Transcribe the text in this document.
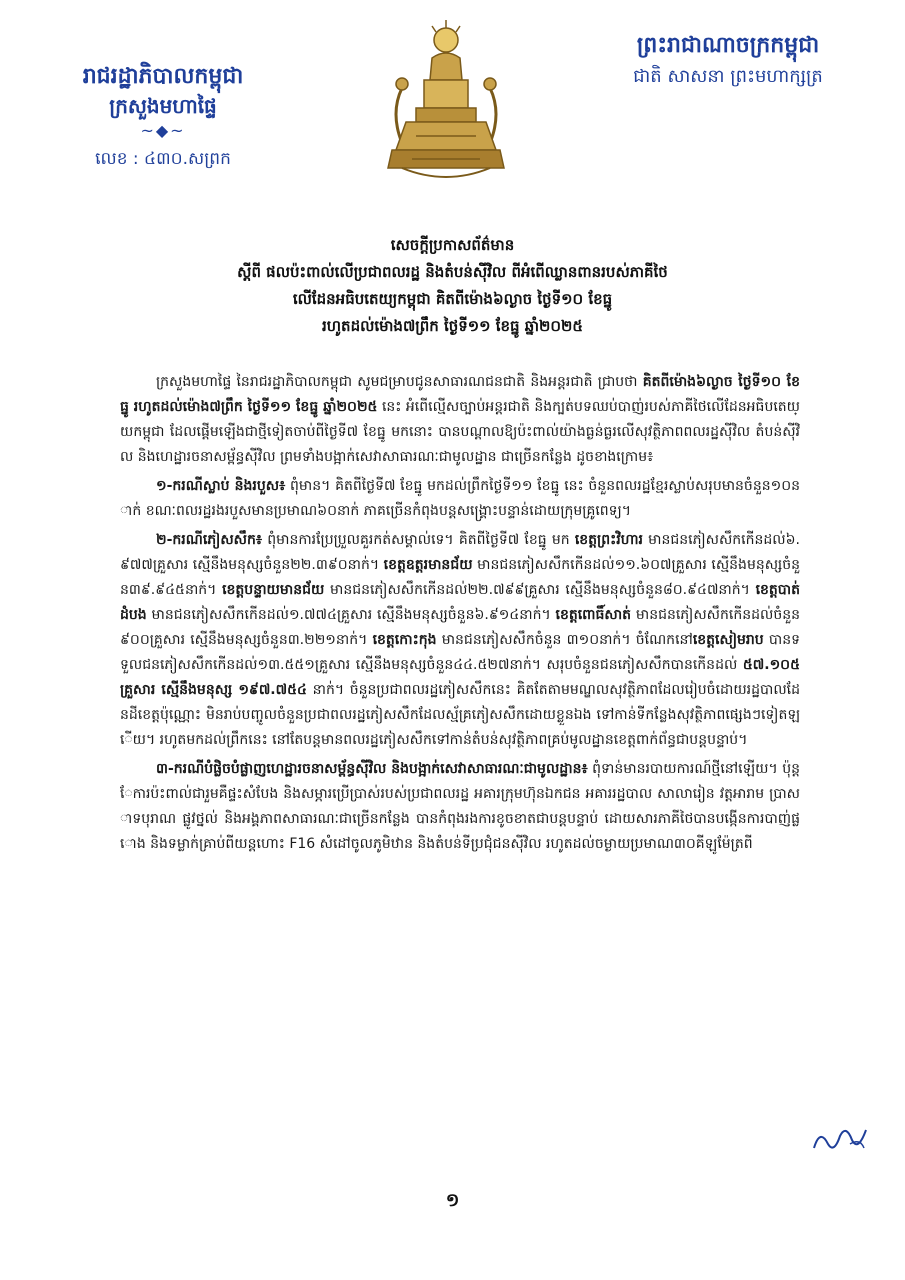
រាជរដ្ឋាភិបាលកម្ពុជា
ក្រសួងមហាផ្ទៃ
~◆~
លេខ : ៤៣០.សព្រក
ព្រះរាជាណាចក្រកម្ពុជា
ជាតិ សាសនា ព្រះមហាក្សត្រ
សេចក្តីប្រកាសព័ត៌មាន
ស្តីពី ផលប៉ះពាល់លើប្រជាពលរដ្ឋ និងតំបន់ស៊ីវិល ពីអំពើឈ្លានពានរបស់ភាគីថៃ
លើដែនអធិបតេយ្យកម្ពុជា គិតពីម៉ោង៦ល្ងាច ថ្ងៃទី១០ ខែធ្នូ
រហូតដល់ម៉ោង៧ព្រឹក ថ្ងៃទី១១ ខែធ្នូ ឆ្នាំ២០២៥

ក្រសួងមហាផ្ទៃ នៃរាជរដ្ឋាភិបាលកម្ពុជា សូមជម្រាបជូនសាធារណជនជាតិ និងអន្តរជាតិ ជ្រាបថា គិតពីម៉ោង៦ល្ងាច ថ្ងៃទី១០ ខែធ្នូ រហូតដល់ម៉ោង៧ព្រឹក ថ្ងៃទី១១ ខែធ្នូ ឆ្នាំ២០២៥ នេះ អំពើល្មើសច្បាប់អន្តរជាតិ និងក្បត់បទឈប់បាញ់របស់ភាគីថៃលើដែនអធិបតេយ្យកម្ពុជា ដែលផ្តើមឡើងជាថ្មីទៀតចាប់ពីថ្ងៃទី៧ ខែធ្នូ មកនោះ បានបណ្តាលឱ្យប៉ះពាល់យ៉ាងធ្ងន់ធ្ងរលើសុវត្ថិភាពពលរដ្ឋស៊ីវិល តំបន់ស៊ីវិល និងហេដ្ឋារចនាសម្ព័ន្ធស៊ីវិល ព្រមទាំងបង្អាក់សេវាសាធារណៈជាមូលដ្ឋាន ជាច្រើនកន្លែង ដូចខាងក្រោម៖

១-ករណីស្លាប់ និងរបួស៖ ពុំមាន។ គិតពីថ្ងៃទី៧ ខែធ្នូ មកដល់ព្រឹកថ្ងៃទី១១ ខែធ្នូ នេះ ចំនួនពលរដ្ឋខ្មែរស្លាប់សរុបមានចំនួន១០នាក់ ខណៈពលរដ្ឋរងរបួសមានប្រមាណ៦០នាក់ ភាគច្រើនកំពុងបន្តសង្គ្រោះបន្ទាន់ដោយក្រុមគ្រូពេទ្យ។

២-ករណីភៀសសឹក៖ ពុំមានការប្រែប្រួលគួរកត់សម្គាល់ទេ។ គិតពីថ្ងៃទី៧ ខែធ្នូ មក ខេត្តព្រះវិហារ មានជនភៀសសឹកកើនដល់៦.៩៧៧គ្រួសារ ស្មើនឹងមនុស្សចំនួន២២.៣៩០នាក់។ ខេត្តឧត្តរមានជ័យ មានជនភៀសសឹកកើនដល់១១.៦០៧គ្រួសារ ស្មើនឹងមនុស្សចំនួន៣៩.៩៤៥នាក់។ ខេត្តបន្ទាយមានជ័យ មានជនភៀសសឹកកើនដល់២២.៧៩៩គ្រួសារ ស្មើនឹងមនុស្សចំនួន៨០.៩៤៧នាក់។ ខេត្តបាត់ដំបង មានជនភៀសសឹកកើនដល់១.៧៧៤គ្រួសារ ស្មើនឹងមនុស្សចំនួន៦.៩១៤នាក់។ ខេត្តពោធិ៍សាត់ មានជនភៀសសឹកកើនដល់ចំនួន ៩០០គ្រួសារ ស្មើនឹងមនុស្សចំនួន៣.២២១នាក់។ ខេត្តកោះកុង មានជនភៀសសឹកចំនួន ៣១០នាក់។ ចំណែកនៅខេត្តសៀមរាប បានទទួលជនភៀសសឹកកើនដល់១៣.៥៥១គ្រួសារ ស្មើនឹងមនុស្សចំនួន៤៤.៥២៧នាក់។ សរុបចំនួនជនភៀសសឹកបានកើនដល់ ៥៧.១០៥គ្រួសារ ស្មើនឹងមនុស្ស ១៩៧.៧៥៤ នាក់។ ចំនួនប្រជាពលរដ្ឋភៀសសឹកនេះ គិតតែតាមមណ្ឌលសុវត្ថិភាពដែលរៀបចំដោយរដ្ឋបាលដែនដីខេត្តប៉ុណ្ណោះ មិនរាប់បញ្ចូលចំនួនប្រជាពលរដ្ឋភៀសសឹកដែលស្ម័គ្រភៀសសឹកដោយខ្លួនឯង ទៅកាន់ទីកន្លែងសុវត្ថិភាពផ្សេងៗទៀតឡើយ។ រហូតមកដល់ព្រឹកនេះ នៅតែបន្តមានពលរដ្ឋភៀសសឹកទៅកាន់តំបន់សុវត្ថិភាពគ្រប់មូលដ្ឋានខេត្តពាក់ព័ន្ធជាបន្តបន្ទាប់។

៣-ករណីបំផ្លិចបំផ្លាញហេដ្ឋារចនាសម្ព័ន្ធស៊ីវិល និងបង្អាក់សេវាសាធារណៈជាមូលដ្ឋាន៖ ពុំទាន់មានរបាយការណ៍ថ្មីនៅឡើយ។ ប៉ុន្តែការប៉ះពាល់ជារួមគឺផ្ទះសំបែង និងសម្ភារប្រើប្រាស់របស់ប្រជាពលរដ្ឋ អគារក្រុមហ៊ុនឯកជន អគាររដ្ឋបាល សាលារៀន វត្តអារាម ប្រាសាទបុរាណ ផ្លូវថ្នល់ និងអង្គភាពសាធារណៈជាច្រើនកន្លែង បានកំពុងរងការខូចខាតជាបន្តបន្ទាប់ ដោយសារភាគីថៃបានបង្កើនការបាញ់ផ្លោង និងទម្លាក់គ្រាប់ពីយន្តហោះ F16 សំដៅចូលភូមិឋាន និងតំបន់ទីប្រជុំជនស៊ីវិល រហូតដល់ចម្ងាយប្រមាណ៣០គីឡូម៉ែត្រពី

១
